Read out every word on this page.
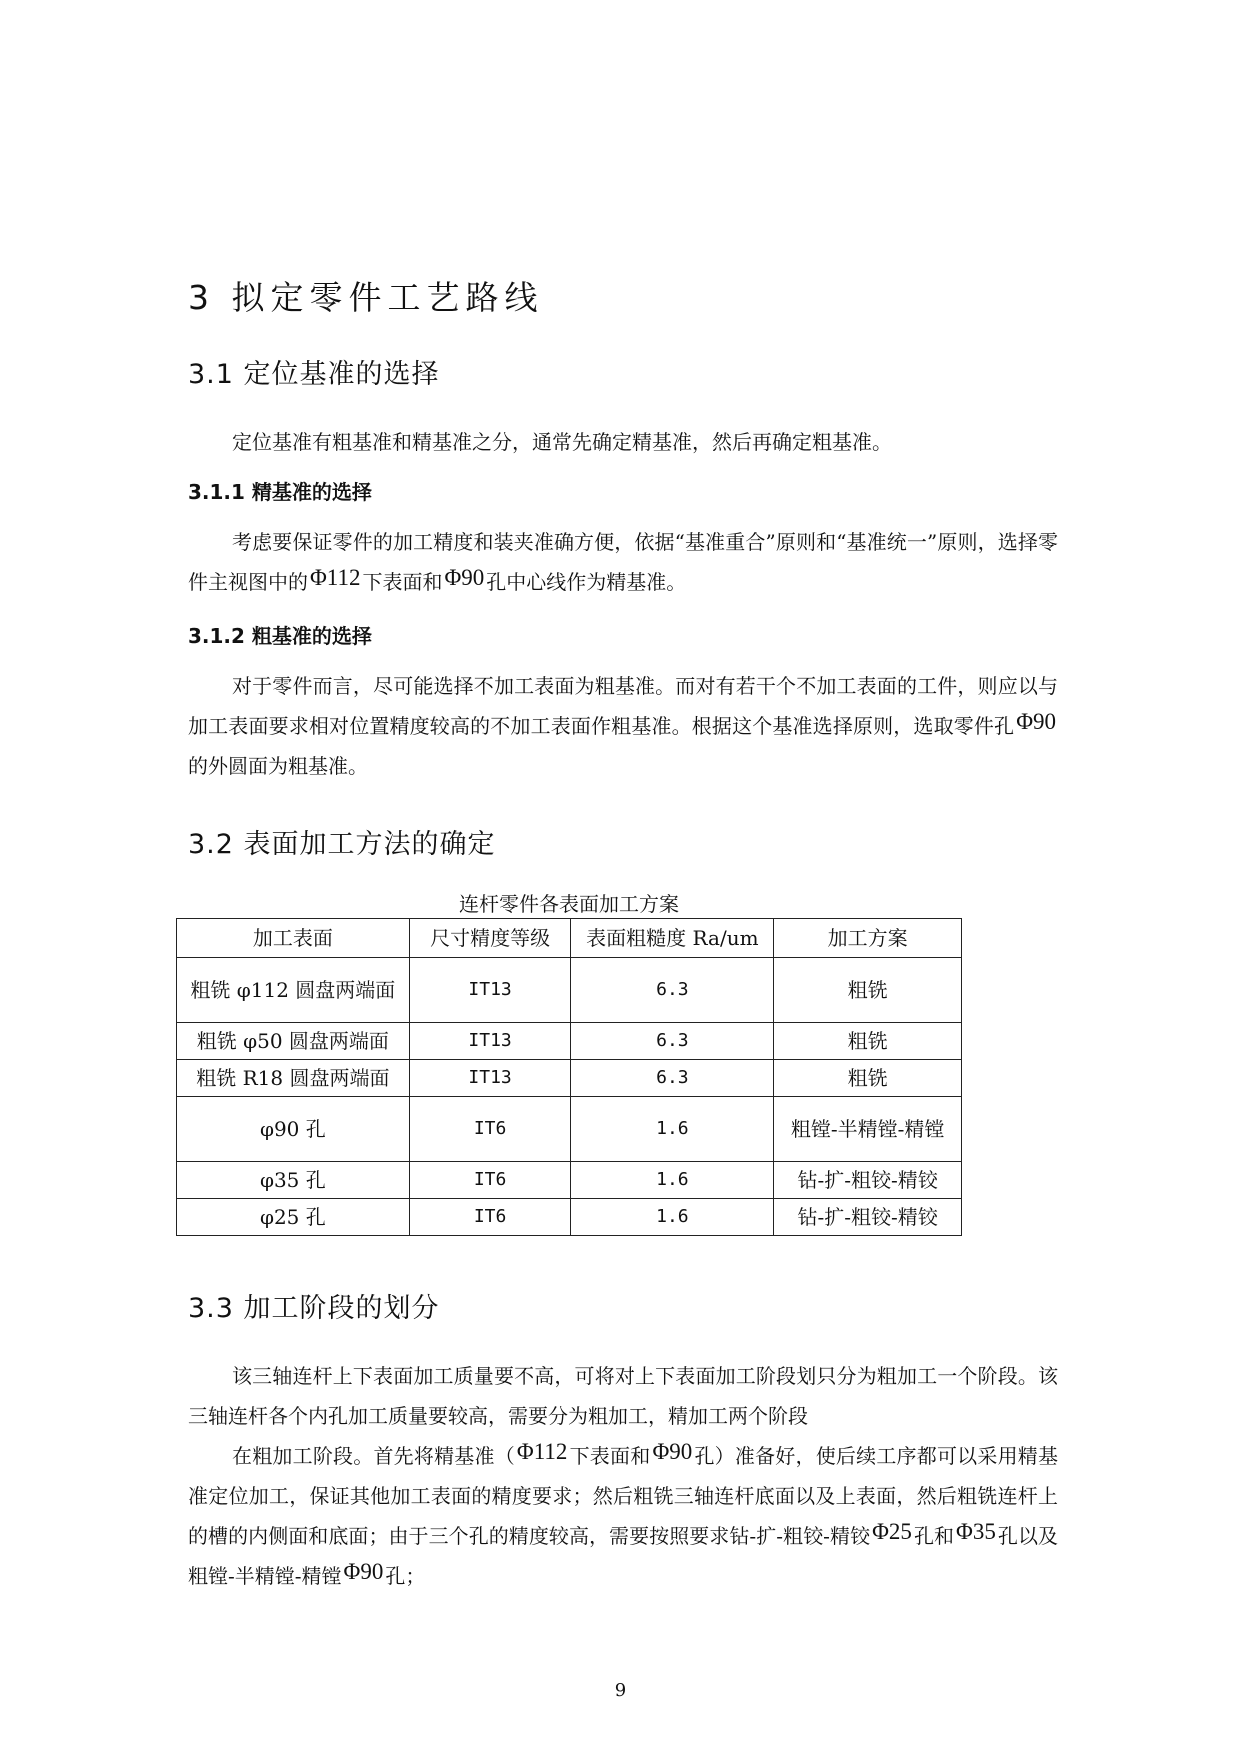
3 拟定零件工艺路线
3.1 定位基准的选择
定位基准有粗基准和精基准之分，通常先确定精基准，然后再确定粗基准。
3.1.1 精基准的选择
考虑要保证零件的加工精度和装夹准确方便，依据“基准重合”原则和“基准统一”原则，选择零件主视图中的Φ112 下表面和Φ90 孔中心线作为精基准。
3.1.2 粗基准的选择
对于零件而言，尽可能选择不加工表面为粗基准。而对有若干个不加工表面的工件，则应以与加工表面要求相对位置精度较高的不加工表面作粗基准。根据这个基准选择原则，选取零件孔Φ90的外圆面为粗基准。
3.2 表面加工方法的确定
连杆零件各表面加工方案
加工表面	尺寸精度等级	表面粗糙度 Ra/um	加工方案
粗铣 φ112 圆盘两端面	IT13	6.3	粗铣
粗铣 φ50 圆盘两端面	IT13	6.3	粗铣
粗铣 R18 圆盘两端面	IT13	6.3	粗铣
φ90 孔	IT6	1.6	粗镗-半精镗-精镗
φ35 孔	IT6	1.6	钻-扩-粗铰-精铰
φ25 孔	IT6	1.6	钻-扩-粗铰-精铰
3.3 加工阶段的划分
该三轴连杆上下表面加工质量要不高，可将对上下表面加工阶段划只分为粗加工一个阶段。该三轴连杆各个内孔加工质量要较高，需要分为粗加工，精加工两个阶段
在粗加工阶段。首先将精基准（Φ112 下表面和Φ90 孔）准备好，使后续工序都可以采用精基准定位加工，保证其他加工表面的精度要求；然后粗铣三轴连杆底面以及上表面，然后粗铣连杆上的槽的内侧面和底面；由于三个孔的精度较高，需要按照要求钻-扩-粗铰-精铰Φ25 孔和Φ35 孔以及粗镗-半精镗-精镗Φ90 孔；
9
